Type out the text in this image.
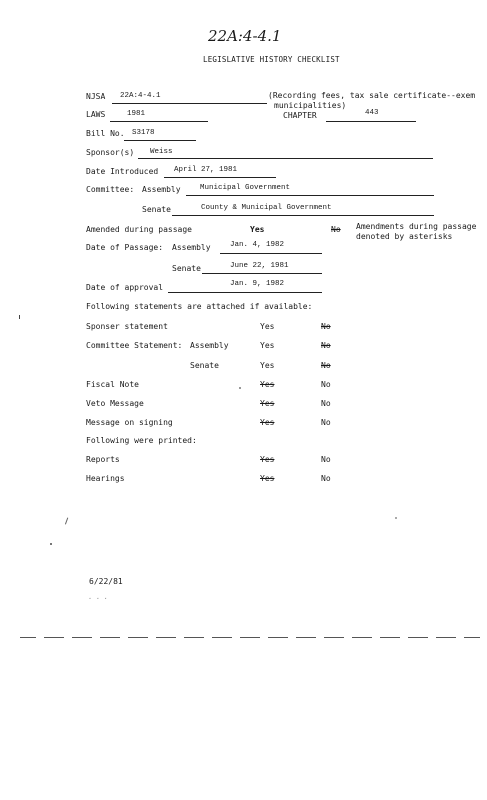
22A:4-4.1
LEGISLATIVE HISTORY CHECKLIST
NJSA 22A:4-4.1	(Recording fees, tax sale certificate--exem
municipalities)
LAWS	1981	CHAPTER	443
Bill No. S3178
Sponsor(s) Weiss
Date Introduced April 27, 1981
Committee: Assembly	Municipal Government
Senate	County & Municipal Government
Amended during passage	Yes	No Amendments during passage
denoted by asterisks
Date of Passage: Assembly	Jan. 4, 1982
Senate	June 22, 1981
Date of approval	Jan. 9, 1982
Following statements are attached if available:
Sponser statement	Yes	No
Committee Statement: Assembly	Yes	No
Senate	Yes	No
Fiscal Note	Yes	No
Veto Message	Yes	No
Message on signing	Yes	No
Following were printed:
Reports	Yes	No
Hearings	Yes	No
6/22/81
...
